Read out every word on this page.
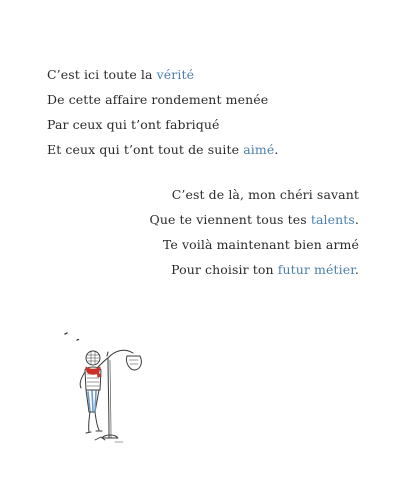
C’est ici toute la vérité
De cette affaire rondement menée
Par ceux qui t’ont fabriqué
Et ceux qui t’ont tout de suite aimé.
C’est de là, mon chéri savant
Que te viennent tous tes talents.
Te voilà maintenant bien armé
Pour choisir ton futur métier.
